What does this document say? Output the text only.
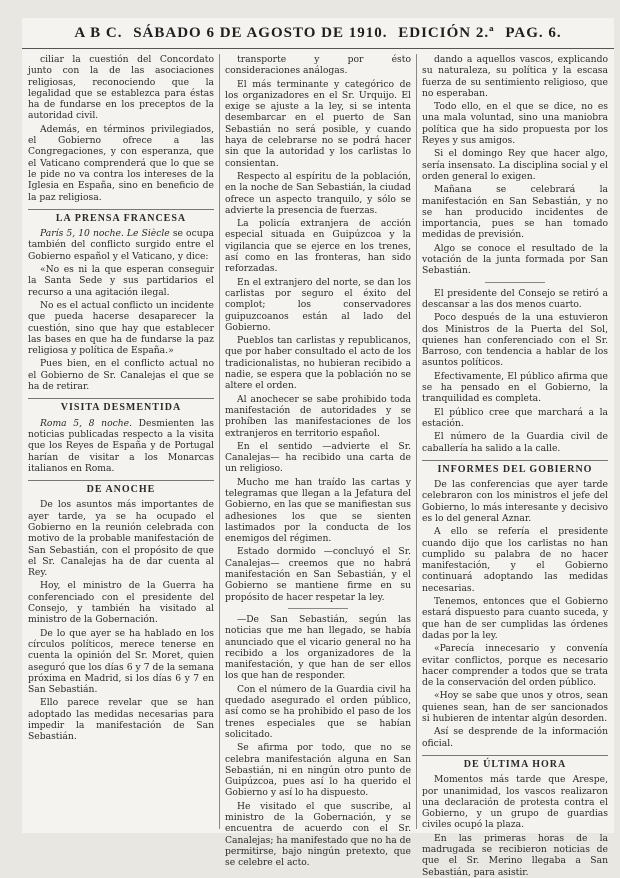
A B C. SÁBADO 6 DE AGOSTO DE 1910. EDICIÓN 2.ª PAG. 6.

ciliar la cuestión del Concordato junto con la de las asociaciones religiosas, reconociendo que la legalidad que se establezca para éstas ha de fundarse en los preceptos de la autoridad civil.

Además, en términos privilegiados, el Gobierno ofrece a las Congregaciones, y con esperanza, que el Vaticano comprenderá que lo que se le pide no va contra los intereses de la Iglesia en España, sino en beneficio de la paz religiosa.

LA PRENSA FRANCESA

París 5, 10 noche. Le Siècle se ocupa también del conflicto surgido entre el Gobierno español y el Vaticano, y dice:

«No es ni la que esperan conseguir la Santa Sede y sus partidarios el recurso a una agitación ilegal.

No es el actual conflicto un incidente que pueda hacerse desaparecer la cuestión, sino que hay que establecer las bases en que ha de fundarse la paz religiosa y política de España.»

Pues bien, en el conflicto actual no el Gobierno de Sr. Canalejas el que se ha de retirar.

VISITA DESMENTIDA

Roma 5, 8 noche. Desmienten las noticias publicadas respecto a la visita que los Reyes de España y de Portugal harían de visitar a los Monarcas italianos en Roma.

DE ANOCHE

De los asuntos más importantes de ayer tarde, ya se ha ocupado el Gobierno en la reunión celebrada con motivo de la probable manifestación de San Sebastián, con el propósito de que el Sr. Canalejas ha de dar cuenta al Rey.

Hoy, el ministro de la Guerra ha conferenciado con el presidente del Consejo, y también ha visitado al ministro de la Gobernación.

De lo que ayer se ha hablado en los círculos políticos, merece tenerse en cuenta la opinión del Sr. Moret, quien aseguró que los días 6 y 7 de la semana próxima en Madrid, si los días 6 y 7 en San Sebastián.

Ello parece revelar que se han adoptado las medidas necesarias para impedir la manifestación de San Sebastián.

transporte y por ésto consideraciones análogas.

El más terminante y categórico de los organizadores en el Sr. Urquijo. El exige se ajuste a la ley, si se intenta desembarcar en el puerto de San Sebastián no será posible, y cuando haya de celebrarse no se podrá hacer sin que la autoridad y los carlistas lo consientan.

Respecto al espíritu de la población, en la noche de San Sebastián, la ciudad ofrece un aspecto tranquilo, y sólo se advierte la presencia de fuerzas.

La policía extranjera de acción especial situada en Guipúzcoa y la vigilancia que se ejerce en los trenes, así como en las fronteras, han sido reforzadas.

En el extranjero del norte, se dan los carlistas por seguro el éxito del complot; los conservadores guipuzcoanos están al lado del Gobierno.

Pueblos tan carlistas y republicanos, que por haber consultado el acto de los tradicionalistas, no hubieran recibido a nadie, se espera que la población no se altere el orden.

Al anochecer se sabe prohibido toda manifestación de autoridades y se prohíben las manifestaciones de los extranjeros en territorio español.

En el sentido —advierte el Sr. Canalejas— ha recibido una carta de un religioso.

Mucho me han traído las cartas y telegramas que llegan a la Jefatura del Gobierno, en las que se manifiestan sus adhesiones los que se sienten lastimados por la conducta de los enemigos del régimen.

Estado dormido —concluyó el Sr. Canalejas— creemos que no habrá manifestación en San Sebastián, y el Gobierno se mantiene firme en su propósito de hacer respetar la ley.

—De San Sebastián, según las noticias que me han llegado, se había anunciado que el vicario general no ha recibido a los organizadores de la manifestación, y que han de ser ellos los que han de responder.

Con el número de la Guardia civil ha quedado asegurado el orden público, así como se ha prohibido el paso de los trenes especiales que se habían solicitado.

Se afirma por todo, que no se celebra manifestación alguna en San Sebastián, ni en ningún otro punto de Guipúzcoa, pues así lo ha querido el Gobierno y así lo ha dispuesto.

He visitado el que suscribe, al ministro de la Gobernación, y se encuentra de acuerdo con el Sr. Canalejas; ha manifestado que no ha de permitirse, bajo ningún pretexto, que se celebre el acto.

dando a aquellos vascos, explicando su naturaleza, su política y la escasa fuerza de su sentimiento religioso, que no esperaban.

Todo ello, en el que se dice, no es una mala voluntad, sino una maniobra política que ha sido propuesta por los Reyes y sus amigos.

Si el domingo Rey que hacer algo, sería insensato. La disciplina social y el orden general lo exigen.

Mañana se celebrará la manifestación en San Sebastián, y no se han producido incidentes de importancia, pues se han tomado medidas de previsión.

Algo se conoce el resultado de la votación de la junta formada por San Sebastián.

El presidente del Consejo se retiró a descansar a las dos menos cuarto.

Poco después de la una estuvieron dos Ministros de la Puerta del Sol, quienes han conferenciado con el Sr. Barroso, con tendencia a hablar de los asuntos políticos.

Efectivamente, El público afirma que se ha pensado en el Gobierno, la tranquilidad es completa.

El público cree que marchará a la estación.

El número de la Guardia civil de caballería ha salido a la calle.

INFORMES DEL GOBIERNO

De las conferencias que ayer tarde celebraron con los ministros el jefe del Gobierno, lo más interesante y decisivo es lo del general Aznar.

A ello se refería el presidente cuando dijo que los carlistas no han cumplido su palabra de no hacer manifestación, y el Gobierno continuará adoptando las medidas necesarias.

Tenemos, entonces que el Gobierno estará dispuesto para cuanto suceda, y que han de ser cumplidas las órdenes dadas por la ley.

«Parecía innecesario y convenía evitar conflictos, porque es necesario hacer comprender a todos que se trata de la conservación del orden público.

«Hoy se sabe que unos y otros, sean quienes sean, han de ser sancionados si hubieren de intentar algún desorden.

Así se desprende de la información oficial.

DE ÚLTIMA HORA

Momentos más tarde que Arespe, por unanimidad, los vascos realizaron una declaración de protesta contra el Gobierno, y un grupo de guardias civiles ocupó la plaza.

En las primeras horas de la madrugada se recibieron noticias de que el Sr. Merino llegaba a San Sebastián, para asistir.
